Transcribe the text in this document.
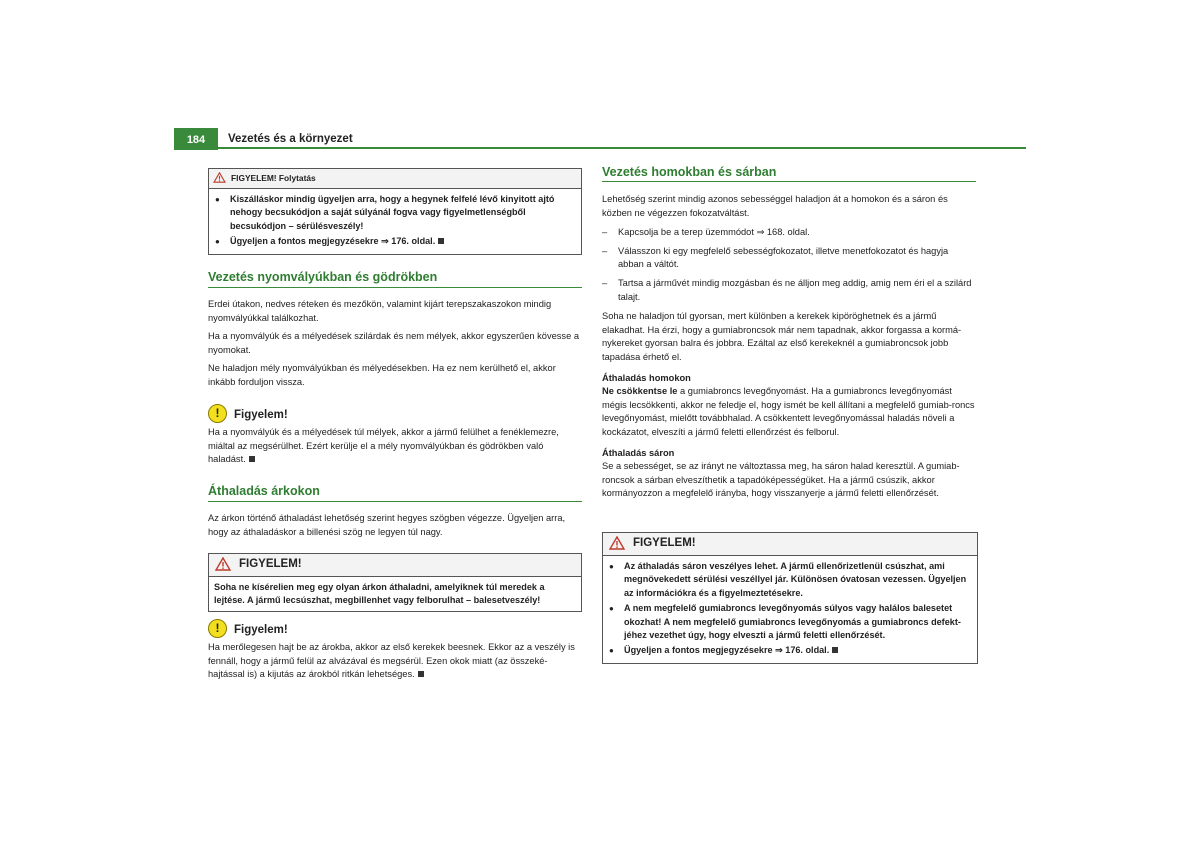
184	Vezetés és a környezet
FIGYELEM! Folytatás

● Kiszálláskor mindig ügyeljen arra, hogy a hegynek felfelé lévő kinyitott ajtó nehogy becsukódjon a saját súlyánál fogva vagy figyelmetlenségből becsukódjon – sérülésveszély!

● Ügyeljen a fontos megjegyzésekre ⇒ 176. oldal.

Vezetés nyomvályúkban és gödrökben

Erdei útakon, nedves réteken és mezőkön, valamint kijárt terepszakaszokon mindig nyomvályúkkal találkozhat.

Ha a nyomvályúk és a mélyedések szilárdak és nem mélyek, akkor egyszerűen kövesse a nyomokat.

Ne haladjon mély nyomvályúkban és mélyedésekben. Ha ez nem kerülhető el, akkor inkább forduljon vissza.

!	Figyelem!

Ha a nyomvályúk és a mélyedések túl mélyek, akkor a jármű felülhet a fenéklemezre, miáltal az megsérülhet. Ezért kerülje el a mély nyomvályúkban és gödrökben való haladást.

Áthaladás árkokon

Az árkon történő áthaladást lehetőség szerint hegyes szögben végezze. Ügyeljen arra, hogy az áthaladáskor a billenési szög ne legyen túl nagy.

FIGYELEM!

Soha ne kísérelien meg egy olyan árkon áthaladni, amelyiknek túl meredek a lejtése. A jármű lecsúszhat, megbillenhet vagy felborulhat – balesetveszély!

!	Figyelem!

Ha merőlegesen hajt be az árokba, akkor az első kerekek beesnek. Ekkor az a veszély is fennáll, hogy a jármű felül az alvázával és megsérül. Ezen okok miatt (az összeké-hajtással is) a kijutás az árokból ritkán lehetséges.

Vezetés homokban és sárban

Lehetőség szerint mindig azonos sebességgel haladjon át a homokon és a sáron és közben ne végezzen fokozatváltást.

– Kapcsolja be a terep üzemmódot ⇒ 168. oldal.
– Válasszon ki egy megfelelő sebességfokozatot, illetve menetfokozatot és hagyja abban a váltót.
– Tartsa a járművét mindig mozgásban és ne álljon meg addig, amig nem éri el a szilárd talajt.

Soha ne haladjon túl gyorsan, mert különben a kerekek kipöröghetnek és a jármű elakadhat. Ha érzi, hogy a gumiabroncsok már nem tapadnak, akkor forgassa a kormá-nykereket gyorsan balra és jobbra. Ezáltal az első kerekeknél a gumiabroncsok jobb tapadása érhető el.

Áthaladás homokon

Ne csökkentse le a gumiabroncs levegőnyomást. Ha a gumiabroncs levegőnyomást mégis lecsökkenti, akkor ne feledje el, hogy ismét be kell állítani a megfelelő gumiab-roncs levegőnyomást, mielőtt továbbhalad. A csökkentett levegőnyomással haladás növeli a kockázatot, elveszíti a jármű feletti ellenőrzést és felborul.

Áthaladás sáron

Se a sebességet, se az irányt ne változtassa meg, ha sáron halad keresztül. A gumiab-roncsok a sárban elveszíthetik a tapadóképességüket. Ha a jármű csúszik, akkor kormányozzon a megfelelő irányba, hogy visszanyerje a jármű feletti ellenőrzését.

FIGYELEM!

● Az áthaladás sáron veszélyes lehet. A jármű ellenőrizetlenül csúszhat, ami megnövekedett sérülési veszéllyel jár. Különösen óvatosan vezessen. Ügyeljen az információkra és a figyelmeztetésekre.

● A nem megfelelő gumiabroncs levegőnyomás súlyos vagy halálos balesetet okozhat! A nem megfelelő gumiabroncs levegőnyomás a gumiabroncs defekt-jéhez vezethet úgy, hogy elveszti a jármű feletti ellenőrzését.

● Ügyeljen a fontos megjegyzésekre ⇒ 176. oldal.
